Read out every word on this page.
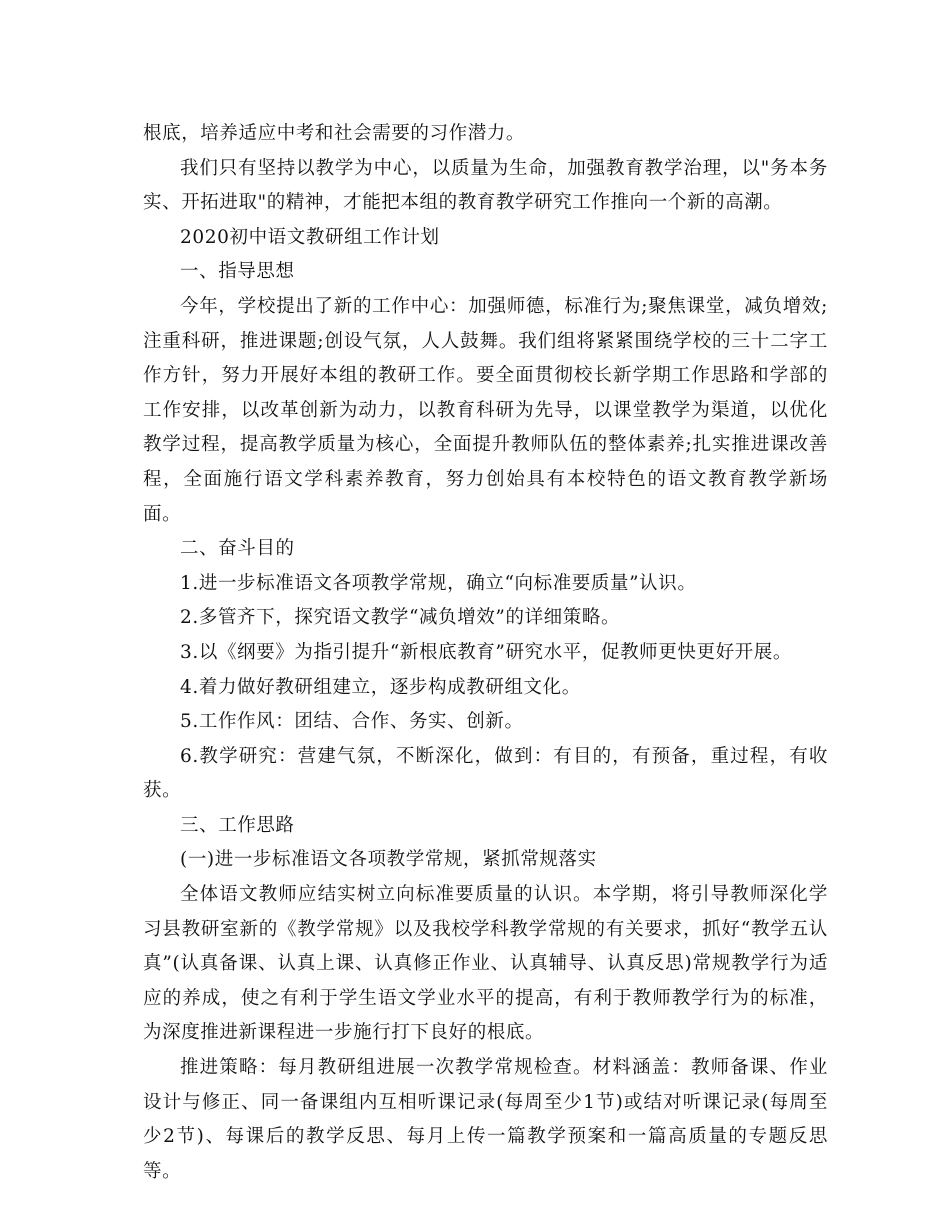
根底，培养适应中考和社会需要的习作潜力。

我们只有坚持以教学为中心，以质量为生命，加强教育教学治理，以"务本务实、开拓进取"的精神，才能把本组的教育教学研究工作推向一个新的高潮。

2020初中语文教研组工作计划

一、指导思想

今年，学校提出了新的工作中心：加强师德，标准行为;聚焦课堂，减负增效;注重科研，推进课题;创设气氛，人人鼓舞。我们组将紧紧围绕学校的三十二字工作方针，努力开展好本组的教研工作。要全面贯彻校长新学期工作思路和学部的工作安排，以改革创新为动力，以教育科研为先导，以课堂教学为渠道，以优化教学过程，提高教学质量为核心，全面提升教师队伍的整体素养;扎实推进课改善程，全面施行语文学科素养教育，努力创始具有本校特色的语文教育教学新场面。

二、奋斗目的

1.进一步标准语文各项教学常规，确立“向标准要质量”认识。

2.多管齐下，探究语文教学“减负增效”的详细策略。

3.以《纲要》为指引提升“新根底教育”研究水平，促教师更快更好开展。

4.着力做好教研组建立，逐步构成教研组文化。

5.工作作风：团结、合作、务实、创新。

6.教学研究：营建气氛，不断深化，做到：有目的，有预备，重过程，有收获。

三、工作思路

(一)进一步标准语文各项教学常规，紧抓常规落实

全体语文教师应结实树立向标准要质量的认识。本学期，将引导教师深化学习县教研室新的《教学常规》以及我校学科教学常规的有关要求，抓好“教学五认真”(认真备课、认真上课、认真修正作业、认真辅导、认真反思)常规教学行为适应的养成，使之有利于学生语文学业水平的提高，有利于教师教学行为的标准，为深度推进新课程进一步施行打下良好的根底。

推进策略：每月教研组进展一次教学常规检查。材料涵盖：教师备课、作业设计与修正、同一备课组内互相听课记录(每周至少1节)或结对听课记录(每周至少2节)、每课后的教学反思、每月上传一篇教学预案和一篇高质量的专题反思等。
